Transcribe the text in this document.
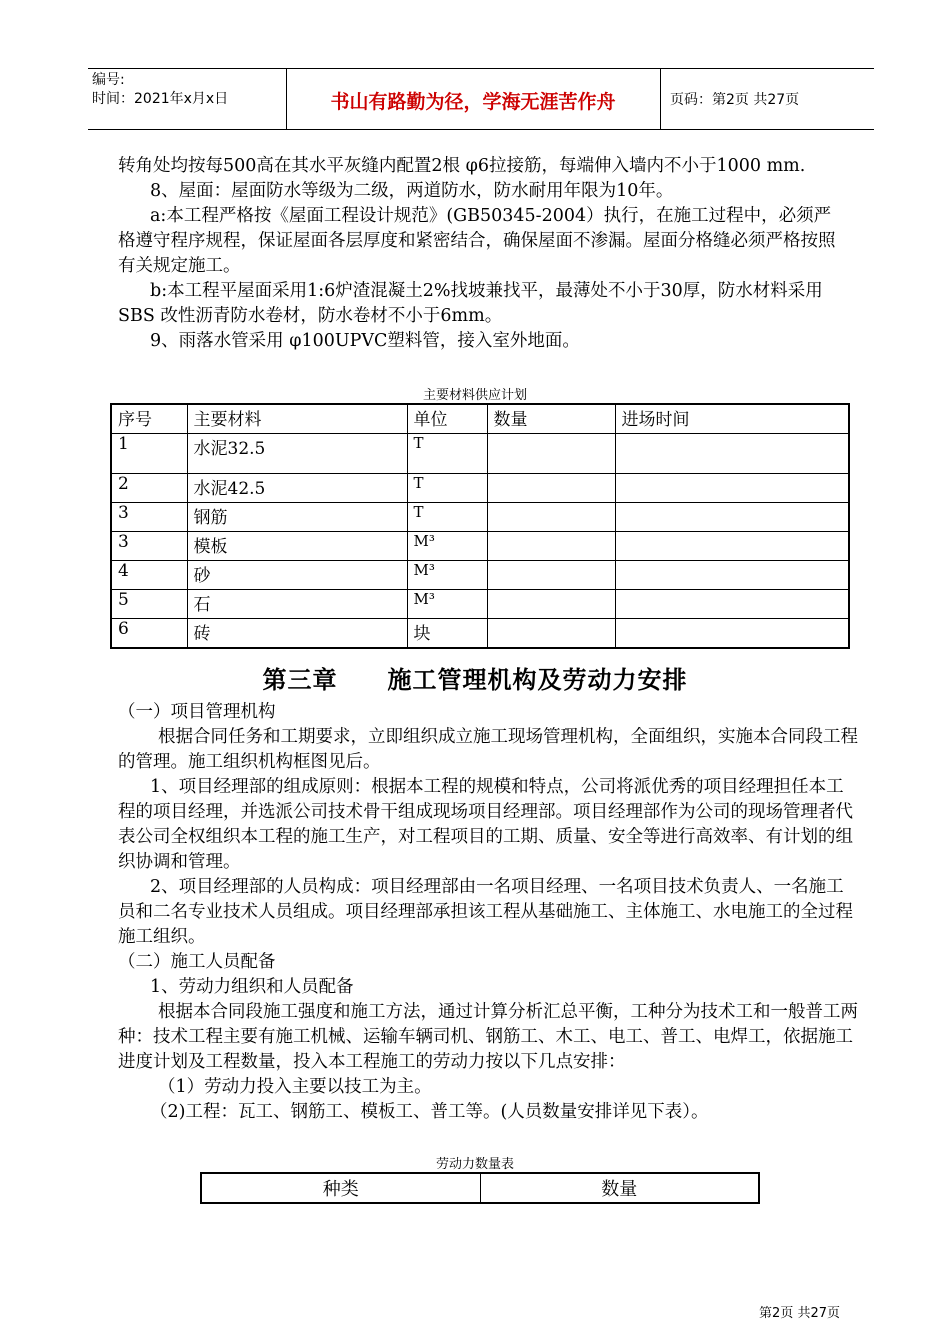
编号:
时间：2021年x月x日	书山有路勤为径，学海无涯苦作舟	页码：第2页 共27页

转角处均按每500高在其水平灰缝内配置2根 φ6拉接筋，每端伸入墙内不小于1000 mm.

8、屋面：屋面防水等级为二级，两道防水，防水耐用年限为10年。

a:本工程严格按《屋面工程设计规范》(GB50345-2004）执行，在施工过程中，必须严格遵守程序规程，保证屋面各层厚度和紧密结合，确保屋面不渗漏。屋面分格缝必须严格按照有关规定施工。

b:本工程平屋面采用1:6炉渣混凝土2%找坡兼找平，最薄处不小于30厚，防水材料采用SBS 改性沥青防水卷材，防水卷材不小于6mm。

9、雨落水管采用 φ100UPVC塑料管，接入室外地面。

主要材料供应计划
序号	主要材料	单位	数量	进场时间
1	水泥32.5	T		
2	水泥42.5	T		
3	钢筋	T		
3	模板	M³		
4	砂	M³		
5	石	M³		
6	砖	块		
第三章　　施工管理机构及劳动力安排

（一）项目管理机构

根据合同任务和工期要求，立即组织成立施工现场管理机构，全面组织，实施本合同段工程的管理。施工组织机构框图见后。

1、项目经理部的组成原则：根据本工程的规模和特点，公司将派优秀的项目经理担任本工程的项目经理，并选派公司技术骨干组成现场项目经理部。项目经理部作为公司的现场管理者代表公司全权组织本工程的施工生产，对工程项目的工期、质量、安全等进行高效率、有计划的组织协调和管理。

2、项目经理部的人员构成：项目经理部由一名项目经理、一名项目技术负责人、一名施工员和二名专业技术人员组成。项目经理部承担该工程从基础施工、主体施工、水电施工的全过程施工组织。

（二）施工人员配备

1、劳动力组织和人员配备

根据本合同段施工强度和施工方法，通过计算分析汇总平衡，工种分为技术工和一般普工两种：技术工程主要有施工机械、运输车辆司机、钢筋工、木工、电工、普工、电焊工，依据施工进度计划及工程数量，投入本工程施工的劳动力按以下几点安排：

（1）劳动力投入主要以技工为主。

（2)工程：瓦工、钢筋工、模板工、普工等。(人员数量安排详见下表）。

劳动力数量表
种类	数量
第2页 共27页
